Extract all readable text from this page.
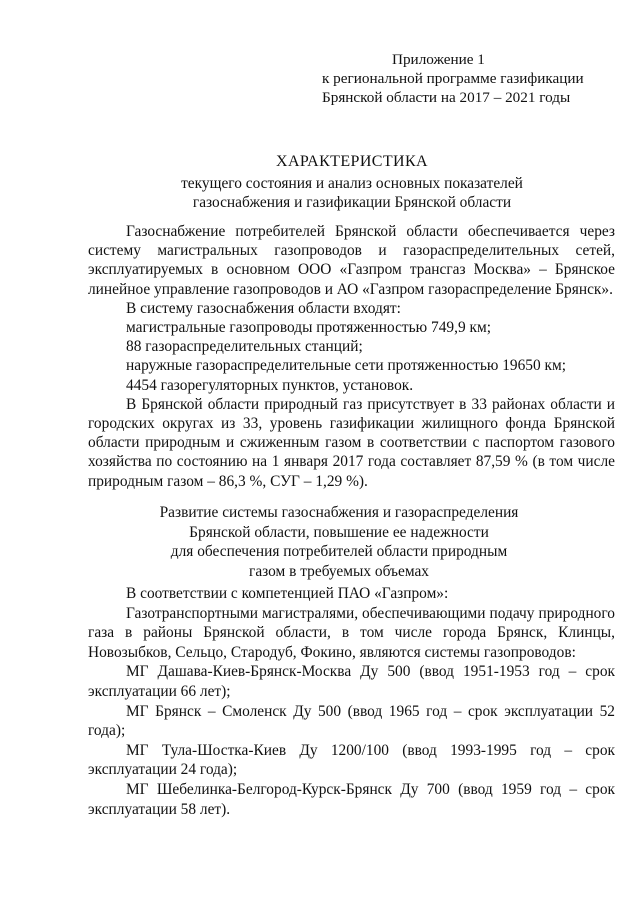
Приложение 1
к региональной программе газификации
Брянской области на 2017 – 2021 годы
ХАРАКТЕРИСТИКА
текущего состояния и анализ основных показателей
газоснабжения и газификации Брянской области

Газоснабжение потребителей Брянской области обеспечивается через систему магистральных газопроводов и газораспределительных сетей, эксплуатируемых в основном ООО «Газпром трансгаз Москва» – Брянское линейное управление газопроводов и АО «Газпром газораспределение Брянск».

В систему газоснабжения области входят:

магистральные газопроводы протяженностью 749,9 км;

88 газораспределительных станций;

наружные газораспределительные сети протяженностью 19650 км;

4454 газорегуляторных пунктов, установок.

В Брянской области природный газ присутствует в 33 районах области и городских округах из 33, уровень газификации жилищного фонда Брянской области природным и сжиженным газом в соответствии с паспортом газового хозяйства по состоянию на 1 января 2017 года составляет 87,59 % (в том числе природным газом – 86,3 %, СУГ – 1,29 %).

Развитие системы газоснабжения и газораспределения
Брянской области, повышение ее надежности
для обеспечения потребителей области природным
газом в требуемых объемах

В соответствии с компетенцией ПАО «Газпром»:

Газотранспортными магистралями, обеспечивающими подачу природного газа в районы Брянской области, в том числе города Брянск, Клинцы, Новозыбков, Сельцо, Стародуб, Фокино, являются системы газопроводов:

МГ Дашава-Киев-Брянск-Москва Ду 500 (ввод 1951-1953 год – срок эксплуатации 66 лет);

МГ Брянск – Смоленск Ду 500 (ввод 1965 год – срок эксплуатации 52 года);

МГ Тула-Шостка-Киев Ду 1200/100 (ввод 1993-1995 год – срок эксплуатации 24 года);

МГ Шебелинка-Белгород-Курск-Брянск Ду 700 (ввод 1959 год – срок эксплуатации 58 лет).
